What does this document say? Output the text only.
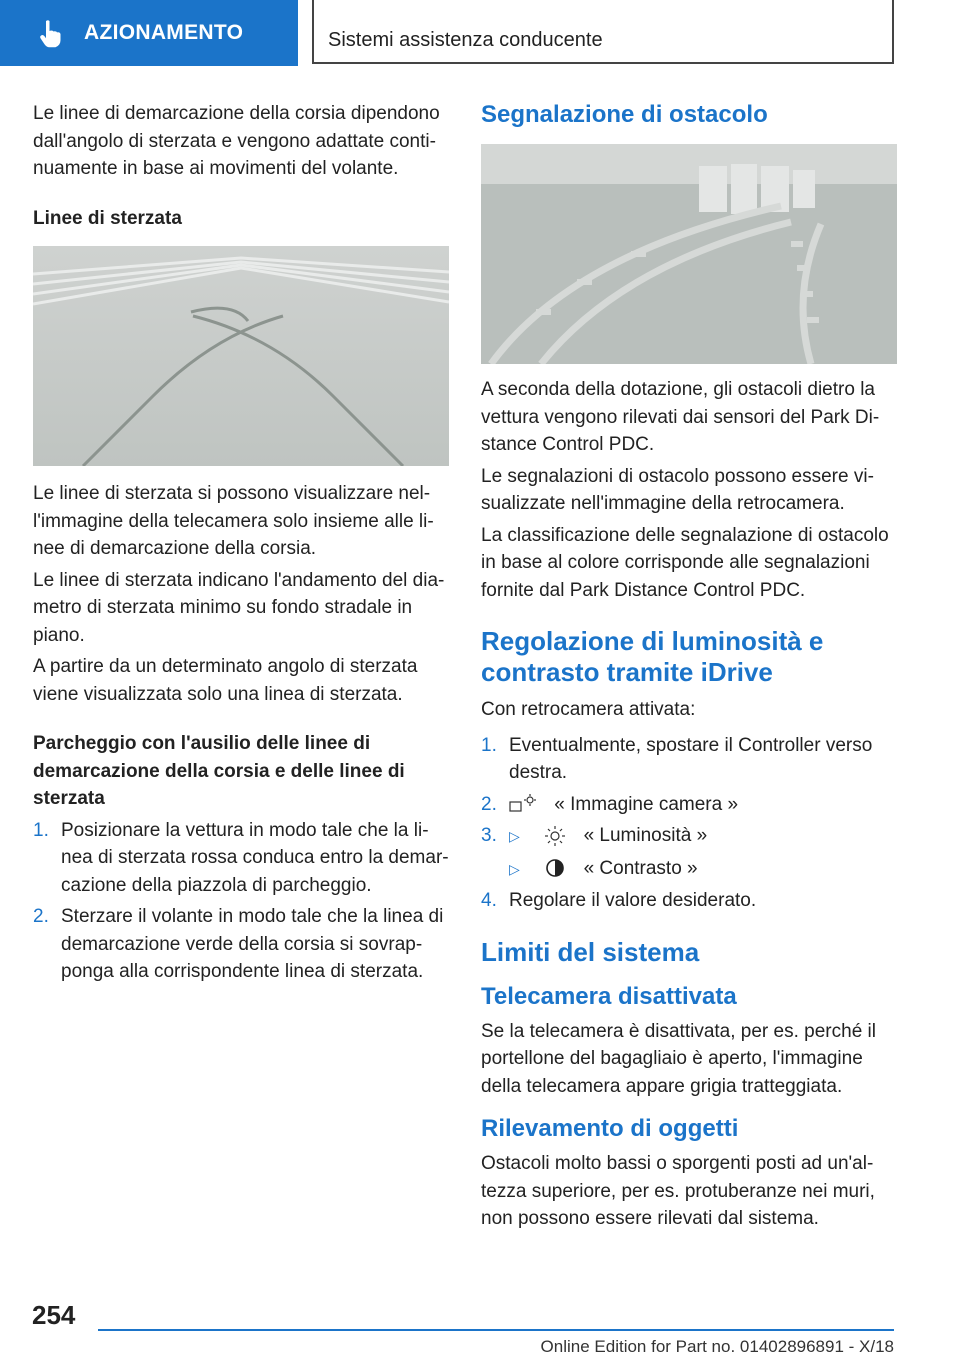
AZIONAMENTO	Sistemi assistenza conducente

Le linee di demarcazione della corsia dipendono dall'angolo di sterzata e vengono adattate continuamente in base ai movimenti del volante.

Linee di sterzata

Le linee di sterzata si possono visualizzare nell'immagine della telecamera solo insieme alle linee di demarcazione della corsia.

Le linee di sterzata indicano l'andamento del diametro di sterzata minimo su fondo stradale in piano.

A partire da un determinato angolo di sterzata viene visualizzata solo una linea di sterzata.

Parcheggio con l'ausilio delle linee di demarcazione della corsia e delle linee di sterzata

1. Posizionare la vettura in modo tale che la linea di sterzata rossa conduca entro la demarcazione della piazzola di parcheggio.
2. Sterzare il volante in modo tale che la linea di demarcazione verde della corsia si sovrapponga alla corrispondente linea di sterzata.

Segnalazione di ostacolo

A seconda della dotazione, gli ostacoli dietro la vettura vengono rilevati dai sensori del Park Distance Control PDC.

Le segnalazioni di ostacolo possono essere visualizzate nell'immagine della retrocamera.

La classificazione delle segnalazione di ostacolo in base al colore corrisponde alle segnalazioni fornite dal Park Distance Control PDC.

Regolazione di luminosità e contrasto tramite iDrive

Con retrocamera attivata:

1. Eventualmente, spostare il Controller verso destra.
2.	« Immagine camera »
3. ▷	« Luminosità »
▷	« Contrasto »
4. Regolare il valore desiderato.

Limiti del sistema

Telecamera disattivata

Se la telecamera è disattivata, per es. perché il portellone del bagagliaio è aperto, l'immagine della telecamera appare grigia tratteggiata.

Rilevamento di oggetti

Ostacoli molto bassi o sporgenti posti ad un'altezza superiore, per es. protuberanze nei muri, non possono essere rilevati dal sistema.

254
Online Edition for Part no. 01402896891 - X/18
